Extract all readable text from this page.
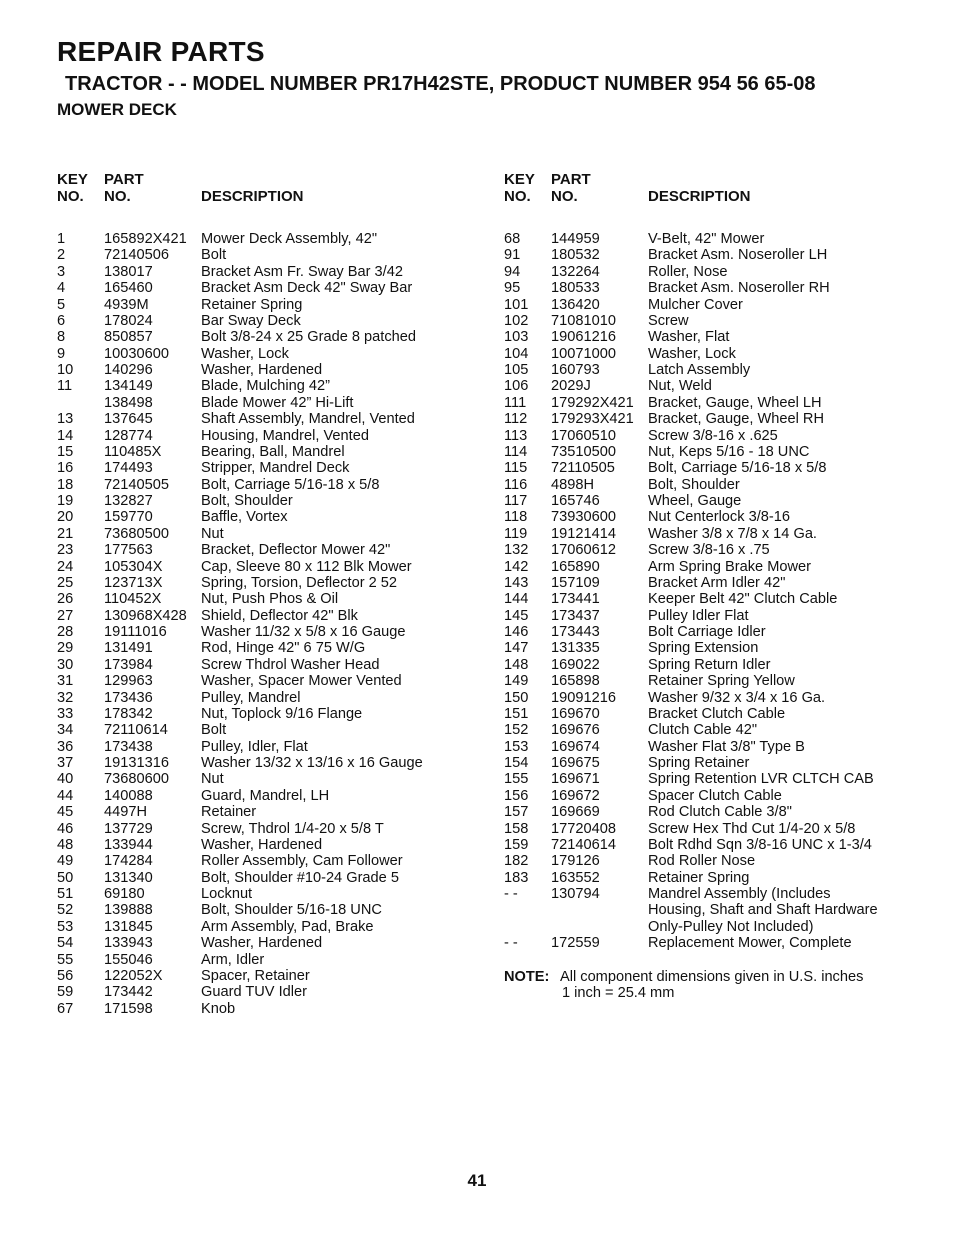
REPAIR PARTS
TRACTOR - - MODEL NUMBER PR17H42STE, PRODUCT NUMBER 954 56 65-08
MOWER DECK
KEY
NO.
PART
NO.	DESCRIPTION
1	165892X421 Mower Deck Assembly, 42"
2	72140506 Bolt
3	138017	Bracket Asm Fr. Sway Bar 3/42
4	165460	Bracket Asm Deck 42" Sway Bar
5	4939M	Retainer Spring
6	178024	Bar Sway Deck
8	850857	Bolt 3/8-24 x 25 Grade 8 patched
9	10030600 Washer, Lock
10 140296	Washer, Hardened
11 134149	Blade, Mulching 42”
138498	Blade Mower 42” Hi-Lift
13 137645	Shaft Assembly, Mandrel, Vented
14 128774	Housing, Mandrel, Vented
15 110485X	Bearing, Ball, Mandrel
16 174493	Stripper, Mandrel Deck
18 72140505 Bolt, Carriage 5/16-18 x 5/8
19 132827	Bolt, Shoulder
20 159770	Baffle, Vortex
21 73680500 Nut
23 177563	Bracket, Deflector Mower 42"
24 105304X	Cap, Sleeve 80 x 112 Blk Mower
25 123713X	Spring, Torsion, Deflector 2 52
26 110452X	Nut, Push Phos & Oil
27 130968X428 Shield, Deflector 42" Blk
28 19111016 Washer 11/32 x 5/8 x 16 Gauge
29 131491	Rod, Hinge 42" 6 75 W/G
30 173984	Screw Thdrol Washer Head
31 129963	Washer, Spacer Mower Vented
32 173436	Pulley, Mandrel
33 178342	Nut, Toplock 9/16 Flange
34 72110614 Bolt
36 173438	Pulley, Idler, Flat
37 19131316 Washer 13/32 x 13/16 x 16 Gauge
40 73680600 Nut
44 140088	Guard, Mandrel, LH
45 4497H	Retainer
46 137729	Screw, Thdrol 1/4-20 x 5/8 T
48 133944	Washer, Hardened
49 174284	Roller Assembly, Cam Follower
50 131340	Bolt, Shoulder #10-24 Grade 5
51 69180	Locknut
52 139888	Bolt, Shoulder 5/16-18 UNC
53 131845	Arm Assembly, Pad, Brake
54 133943	Washer, Hardened
55 155046	Arm, Idler
56 122052X	Spacer, Retainer
59 173442	Guard TUV Idler
67 171598	Knob
KEY
NO.
PART
NO.	DESCRIPTION
68 144959	V-Belt, 42" Mower
91 180532	Bracket Asm. Noseroller LH
94 132264	Roller, Nose
95 180533	Bracket Asm. Noseroller RH
101 136420	Mulcher Cover
102 71081010 Screw
103 19061216 Washer, Flat
104 10071000 Washer, Lock
105 160793	Latch Assembly
106 2029J	Nut, Weld
111 179292X421 Bracket, Gauge, Wheel LH
112 179293X421 Bracket, Gauge, Wheel RH
113 17060510 Screw 3/8-16 x .625
114 73510500 Nut, Keps 5/16 - 18 UNC
115 72110505 Bolt, Carriage 5/16-18 x 5/8
116 4898H	Bolt, Shoulder
117 165746	Wheel, Gauge
118 73930600 Nut Centerlock 3/8-16
119 19121414 Washer 3/8 x 7/8 x 14 Ga.
132 17060612 Screw 3/8-16 x .75
142 165890	Arm Spring Brake Mower
143 157109	Bracket Arm Idler 42"
144 173441	Keeper Belt 42" Clutch Cable
145 173437	Pulley Idler Flat
146 173443	Bolt Carriage Idler
147 131335	Spring Extension
148 169022	Spring Return Idler
149 165898	Retainer Spring Yellow
150 19091216 Washer 9/32 x 3/4 x 16 Ga.
151 169670	Bracket Clutch Cable
152 169676	Clutch Cable 42"
153 169674	Washer Flat 3/8" Type B
154 169675	Spring Retainer
155 169671	Spring Retention LVR CLTCH CAB
156 169672	Spacer Clutch Cable
157 169669	Rod Clutch Cable 3/8"
158 17720408 Screw Hex Thd Cut 1/4-20 x 5/8
159 72140614 Bolt Rdhd Sqn 3/8-16 UNC x 1-3/4
182 179126	Rod Roller Nose
183 163552	Retainer Spring
- - 130794	Mandrel Assembly (Includes
Housing, Shaft and Shaft Hardware
Only-Pulley Not Included)
- - 172559	Replacement Mower, Complete
NOTE: All component dimensions given in U.S. inches
1 inch = 25.4 mm
41
